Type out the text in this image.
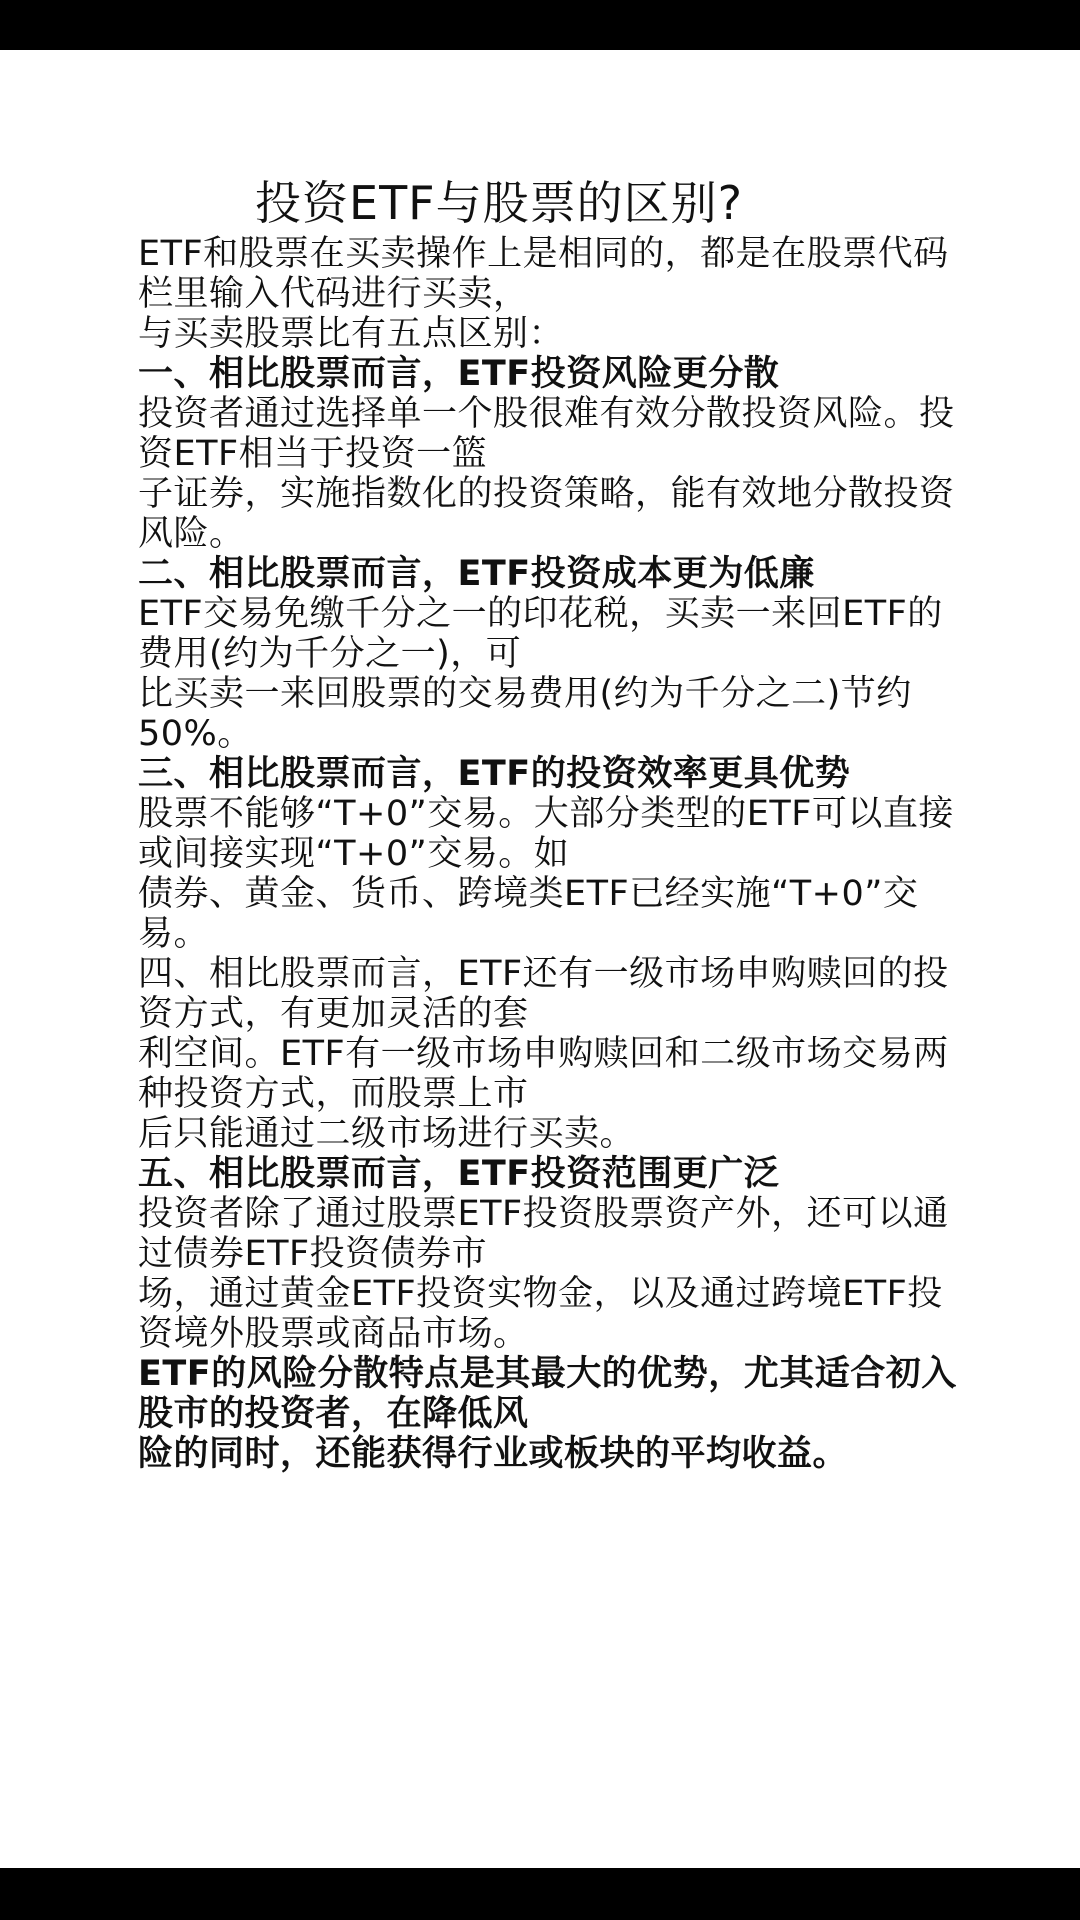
投资ETF与股票的区别?
ETF和股票在买卖操作上是相同的，都是在股票代码
栏里输入代码进行买卖，
与买卖股票比有五点区别：
一、相比股票而言，ETF投资风险更分散
投资者通过选择单一个股很难有效分散投资风险。投
资ETF相当于投资一篮
子证券，实施指数化的投资策略，能有效地分散投资
风险。
二、相比股票而言，ETF投资成本更为低廉
ETF交易免缴千分之一的印花税，买卖一来回ETF的
费用(约为千分之一)，可
比买卖一来回股票的交易费用(约为千分之二)节约
50%。
三、相比股票而言，ETF的投资效率更具优势
股票不能够“T+0”交易。大部分类型的ETF可以直接
或间接实现“T+0”交易。如
债券、黄金、货币、跨境类ETF已经实施“T+0”交
易。
四、相比股票而言，ETF还有一级市场申购赎回的投
资方式，有更加灵活的套
利空间。ETF有一级市场申购赎回和二级市场交易两
种投资方式，而股票上市
后只能通过二级市场进行买卖。
五、相比股票而言，ETF投资范围更广泛
投资者除了通过股票ETF投资股票资产外，还可以通
过债券ETF投资债券市
场，通过黄金ETF投资实物金，以及通过跨境ETF投
资境外股票或商品市场。
ETF的风险分散特点是其最大的优势，尤其适合初入
股市的投资者，在降低风
险的同时，还能获得行业或板块的平均收益。
